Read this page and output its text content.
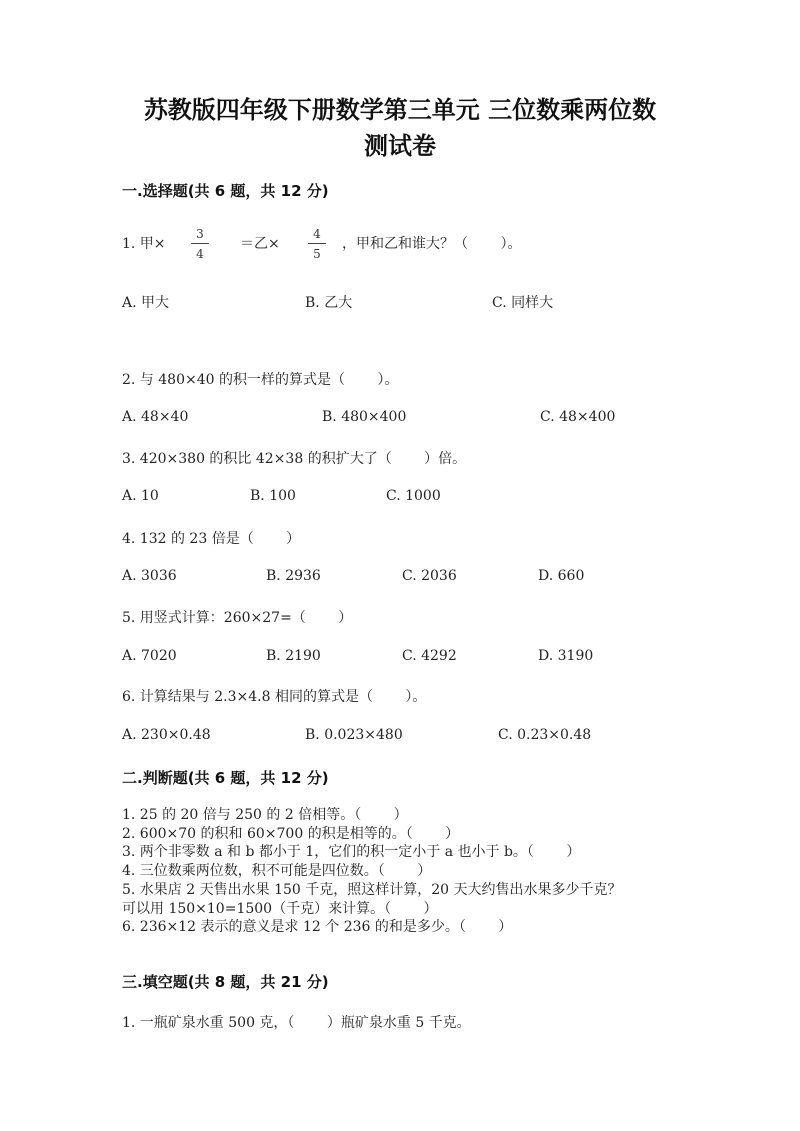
苏教版四年级下册数学第三单元 三位数乘两位数
测试卷
一.选择题(共 6 题，共 12 分)
1. 甲×
3
4
＝乙×
4
5
，甲和乙和谁大？（　　 ）。
A. 甲大	B. 乙大	C. 同样大
2. 与 480×40 的积一样的算式是（　　 ）。
A. 48×40	B. 480×400	C. 48×400
3. 420×380 的积比 42×38 的积扩大了（　　 ）倍。
A. 10	B. 100	C. 1000
4. 132 的 23 倍是（　　 ）
A. 3036	B. 2936	C. 2036	D. 660
5. 用竖式计算：260×27=（　　 ）
A. 7020	B. 2190	C. 4292	D. 3190
6. 计算结果与 2.3×4.8 相同的算式是（　　 ）。
A. 230×0.48	B. 0.023×480	C. 0.23×0.48
二.判断题(共 6 题，共 12 分)
1. 25 的 20 倍与 250 的 2 倍相等。（　　 ）
2. 600×70 的积和 60×700 的积是相等的。（　　 ）
3. 两个非零数 a 和 b 都小于 1，它们的积一定小于 a 也小于 b。（　　 ）
4. 三位数乘两位数，积不可能是四位数。（　　 ）
5. 水果店 2 天售出水果 150 千克，照这样计算，20 天大约售出水果多少千克？
可以用 150×10=1500（千克）来计算。（　　 ）
6. 236×12 表示的意义是求 12 个 236 的和是多少。（　　 ）
三.填空题(共 8 题，共 21 分)
1. 一瓶矿泉水重 500 克，（　　 ）瓶矿泉水重 5 千克。
